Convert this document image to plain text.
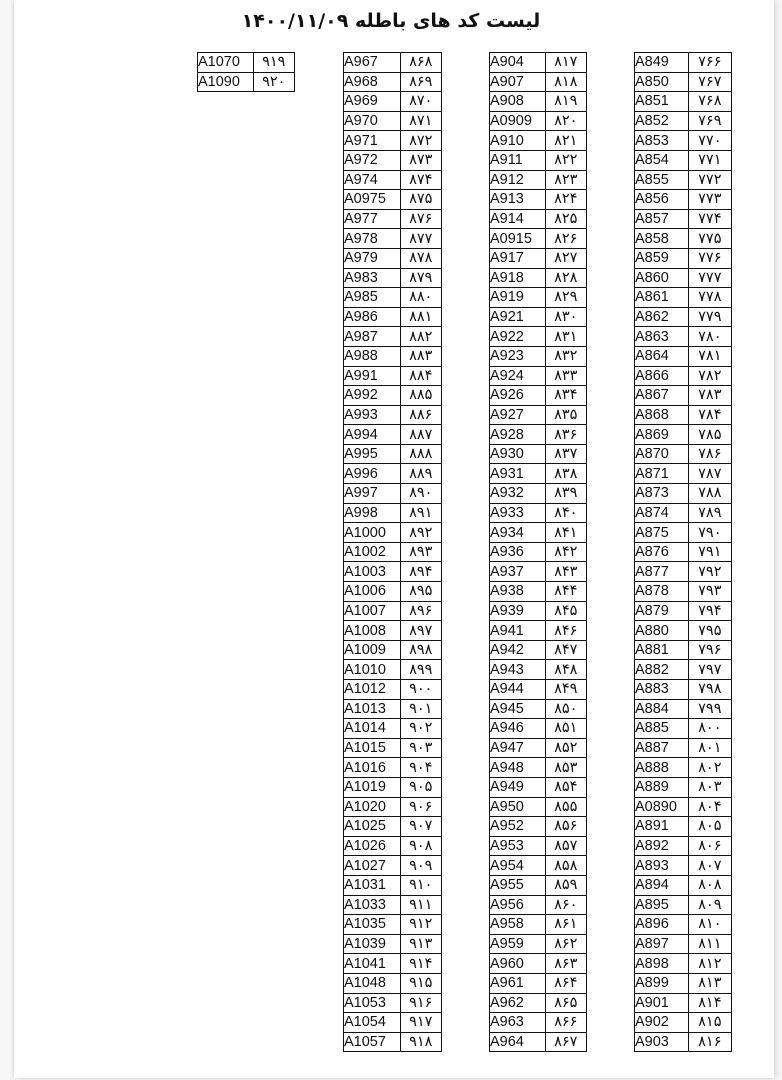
لیست کد های باطله ۱۴۰۰/۱۱/۰۹
A849	۷۶۶
A850	۷۶۷
A851	۷۶۸
A852	۷۶۹
A853	۷۷۰
A854	۷۷۱
A855	۷۷۲
A856	۷۷۳
A857	۷۷۴
A858	۷۷۵
A859	۷۷۶
A860	۷۷۷
A861	۷۷۸
A862	۷۷۹
A863	۷۸۰
A864	۷۸۱
A866	۷۸۲
A867	۷۸۳
A868	۷۸۴
A869	۷۸۵
A870	۷۸۶
A871	۷۸۷
A873	۷۸۸
A874	۷۸۹
A875	۷۹۰
A876	۷۹۱
A877	۷۹۲
A878	۷۹۳
A879	۷۹۴
A880	۷۹۵
A881	۷۹۶
A882	۷۹۷
A883	۷۹۸
A884	۷۹۹
A885	۸۰۰
A887	۸۰۱
A888	۸۰۲
A889	۸۰۳
A0890	۸۰۴
A891	۸۰۵
A892	۸۰۶
A893	۸۰۷
A894	۸۰۸
A895	۸۰۹
A896	۸۱۰
A897	۸۱۱
A898	۸۱۲
A899	۸۱۳
A901	۸۱۴
A902	۸۱۵
A903	۸۱۶
A904	۸۱۷
A907	۸۱۸
A908	۸۱۹
A0909	۸۲۰
A910	۸۲۱
A911	۸۲۲
A912	۸۲۳
A913	۸۲۴
A914	۸۲۵
A0915	۸۲۶
A917	۸۲۷
A918	۸۲۸
A919	۸۲۹
A921	۸۳۰
A922	۸۳۱
A923	۸۳۲
A924	۸۳۳
A926	۸۳۴
A927	۸۳۵
A928	۸۳۶
A930	۸۳۷
A931	۸۳۸
A932	۸۳۹
A933	۸۴۰
A934	۸۴۱
A936	۸۴۲
A937	۸۴۳
A938	۸۴۴
A939	۸۴۵
A941	۸۴۶
A942	۸۴۷
A943	۸۴۸
A944	۸۴۹
A945	۸۵۰
A946	۸۵۱
A947	۸۵۲
A948	۸۵۳
A949	۸۵۴
A950	۸۵۵
A952	۸۵۶
A953	۸۵۷
A954	۸۵۸
A955	۸۵۹
A956	۸۶۰
A958	۸۶۱
A959	۸۶۲
A960	۸۶۳
A961	۸۶۴
A962	۸۶۵
A963	۸۶۶
A964	۸۶۷
A967	۸۶۸
A968	۸۶۹
A969	۸۷۰
A970	۸۷۱
A971	۸۷۲
A972	۸۷۳
A974	۸۷۴
A0975	۸۷۵
A977	۸۷۶
A978	۸۷۷
A979	۸۷۸
A983	۸۷۹
A985	۸۸۰
A986	۸۸۱
A987	۸۸۲
A988	۸۸۳
A991	۸۸۴
A992	۸۸۵
A993	۸۸۶
A994	۸۸۷
A995	۸۸۸
A996	۸۸۹
A997	۸۹۰
A998	۸۹۱
A1000	۸۹۲
A1002	۸۹۳
A1003	۸۹۴
A1006	۸۹۵
A1007	۸۹۶
A1008	۸۹۷
A1009	۸۹۸
A1010	۸۹۹
A1012	۹۰۰
A1013	۹۰۱
A1014	۹۰۲
A1015	۹۰۳
A1016	۹۰۴
A1019	۹۰۵
A1020	۹۰۶
A1025	۹۰۷
A1026	۹۰۸
A1027	۹۰۹
A1031	۹۱۰
A1033	۹۱۱
A1035	۹۱۲
A1039	۹۱۳
A1041	۹۱۴
A1048	۹۱۵
A1053	۹۱۶
A1054	۹۱۷
A1057	۹۱۸
A1070	۹۱۹
A1090	۹۲۰
